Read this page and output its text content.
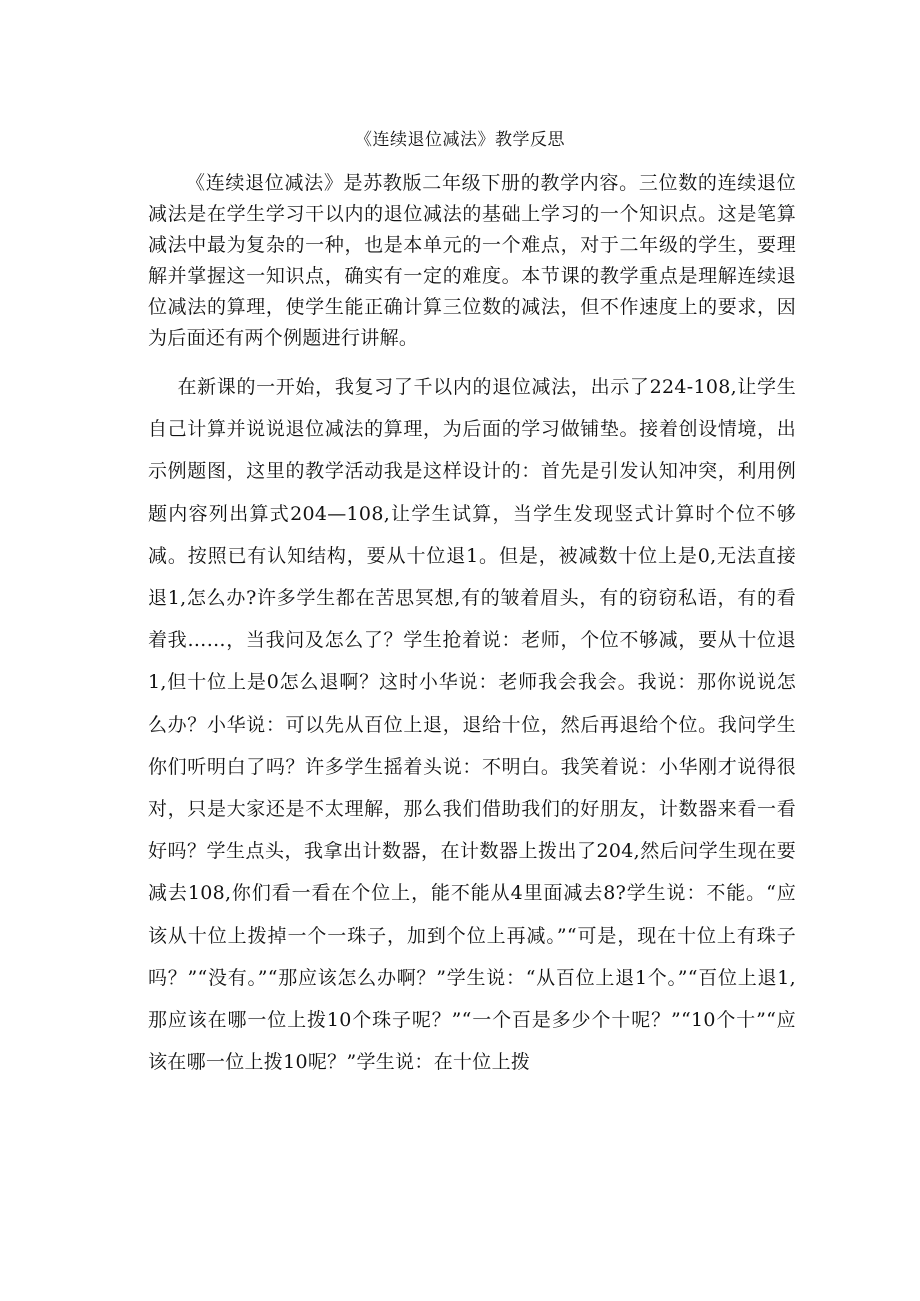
《连续退位减法》教学反思

《连续退位减法》是苏教版二年级下册的教学内容。三位数的连续退位减法是在学生学习干以内的退位减法的基础上学习的一个知识点。这是笔算减法中最为复杂的一种，也是本单元的一个难点，对于二年级的学生，要理解并掌握这一知识点，确实有一定的难度。本节课的教学重点是理解连续退位减法的算理，使学生能正确计算三位数的减法，但不作速度上的要求，因为后面还有两个例题进行讲解。

在新课的一开始，我复习了千以内的退位减法，出示了224-108,让学生自己计算并说说退位减法的算理，为后面的学习做铺垫。接着创设情境，出示例题图，这里的教学活动我是这样设计的：首先是引发认知冲突，利用例题内容列出算式204—108,让学生试算，当学生发现竖式计算时个位不够减。按照已有认知结构，要从十位退1。但是，被减数十位上是0,无法直接退1,怎么办?许多学生都在苦思冥想,有的皱着眉头，有的窃窃私语，有的看着我……，当我问及怎么了？学生抢着说：老师，个位不够减，要从十位退1,但十位上是0怎么退啊？这时小华说：老师我会我会。我说：那你说说怎么办？小华说：可以先从百位上退，退给十位，然后再退给个位。我问学生你们听明白了吗？许多学生摇着头说：不明白。我笑着说：小华刚才说得很对，只是大家还是不太理解，那么我们借助我们的好朋友，计数器来看一看好吗？学生点头，我拿出计数器，在计数器上拨出了204,然后问学生现在要减去108,你们看一看在个位上，能不能从4里面减去8?学生说：不能。“应该从十位上拨掉一个一珠子，加到个位上再减。”“可是，现在十位上有珠子吗？”“没有。”“那应该怎么办啊？”学生说：“从百位上退1个。”“百位上退1,那应该在哪一位上拨10个珠子呢？”“一个百是多少个十呢？”“10个十”“应该在哪一位上拨10呢？”学生说：在十位上拨
